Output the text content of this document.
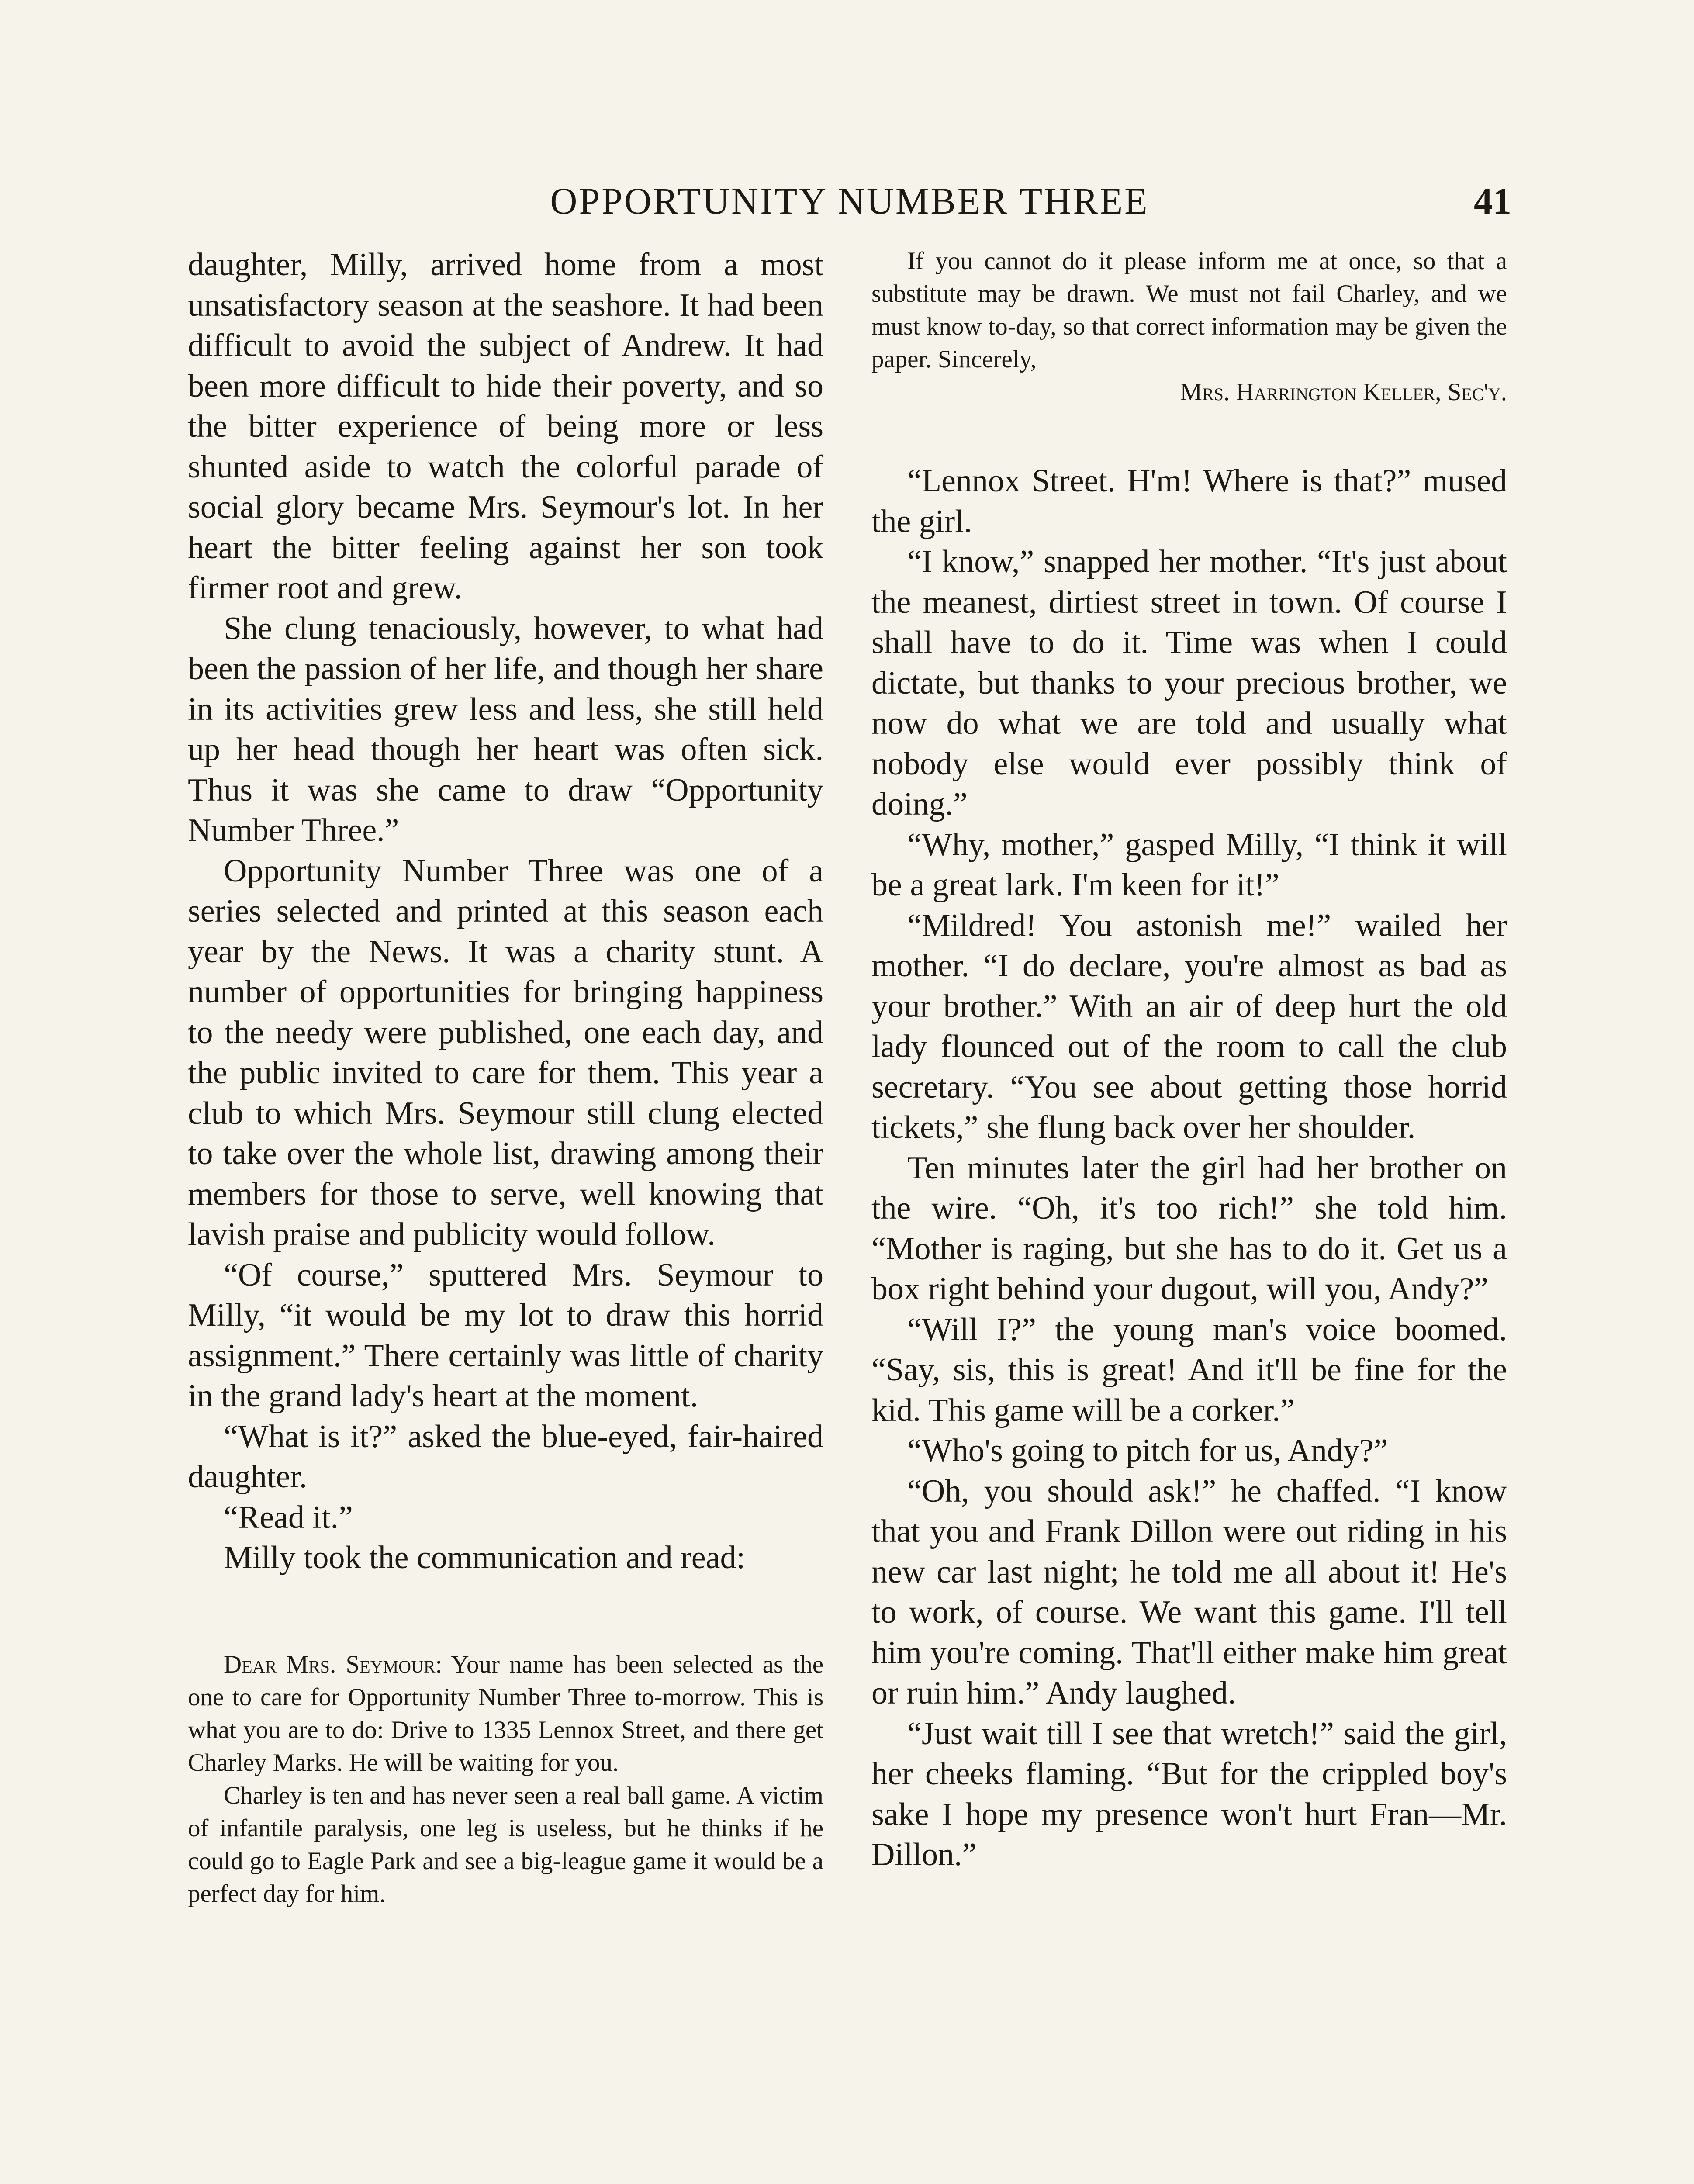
OPPORTUNITY NUMBER THREE	41

daughter, Milly, arrived home from a most unsatisfactory season at the seashore. It had been difficult to avoid the subject of Andrew. It had been more difficult to hide their poverty, and so the bitter experience of being more or less shunted aside to watch the colorful parade of social glory became Mrs. Seymour's lot. In her heart the bitter feeling against her son took firmer root and grew.

She clung tenaciously, however, to what had been the passion of her life, and though her share in its activities grew less and less, she still held up her head though her heart was often sick. Thus it was she came to draw “Opportunity Number Three.”

Opportunity Number Three was one of a series selected and printed at this season each year by the News. It was a charity stunt. A number of opportunities for bringing happiness to the needy were published, one each day, and the public invited to care for them. This year a club to which Mrs. Seymour still clung elected to take over the whole list, drawing among their members for those to serve, well knowing that lavish praise and publicity would follow.

“Of course,” sputtered Mrs. Seymour to Milly, “it would be my lot to draw this horrid assignment.” There certainly was little of charity in the grand lady's heart at the moment.

“What is it?” asked the blue-eyed, fair-haired daughter.

“Read it.”

Milly took the communication and read:

Dear Mrs. Seymour: Your name has been selected as the one to care for Opportunity Number Three to-morrow. This is what you are to do: Drive to 1335 Lennox Street, and there get Charley Marks. He will be waiting for you.

Charley is ten and has never seen a real ball game. A victim of infantile paralysis, one leg is useless, but he thinks if he could go to Eagle Park and see a big-league game it would be a perfect day for him.

If you cannot do it please inform me at once, so that a substitute may be drawn. We must not fail Charley, and we must know to-day, so that correct information may be given the paper. Sincerely,

Mrs. Harrington Keller, Sec'y.

“Lennox Street. H'm! Where is that?” mused the girl.

“I know,” snapped her mother. “It's just about the meanest, dirtiest street in town. Of course I shall have to do it. Time was when I could dictate, but thanks to your precious brother, we now do what we are told and usually what nobody else would ever possibly think of doing.”

“Why, mother,” gasped Milly, “I think it will be a great lark. I'm keen for it!”

“Mildred! You astonish me!” wailed her mother. “I do declare, you're almost as bad as your brother.” With an air of deep hurt the old lady flounced out of the room to call the club secretary. “You see about getting those horrid tickets,” she flung back over her shoulder.

Ten minutes later the girl had her brother on the wire. “Oh, it's too rich!” she told him. “Mother is raging, but she has to do it. Get us a box right behind your dugout, will you, Andy?”

“Will I?” the young man's voice boomed. “Say, sis, this is great! And it'll be fine for the kid. This game will be a corker.”

“Who's going to pitch for us, Andy?”

“Oh, you should ask!” he chaffed. “I know that you and Frank Dillon were out riding in his new car last night; he told me all about it! He's to work, of course. We want this game. I'll tell him you're coming. That'll either make him great or ruin him.” Andy laughed.

“Just wait till I see that wretch!” said the girl, her cheeks flaming. “But for the crippled boy's sake I hope my presence won't hurt Fran—Mr. Dillon.”
